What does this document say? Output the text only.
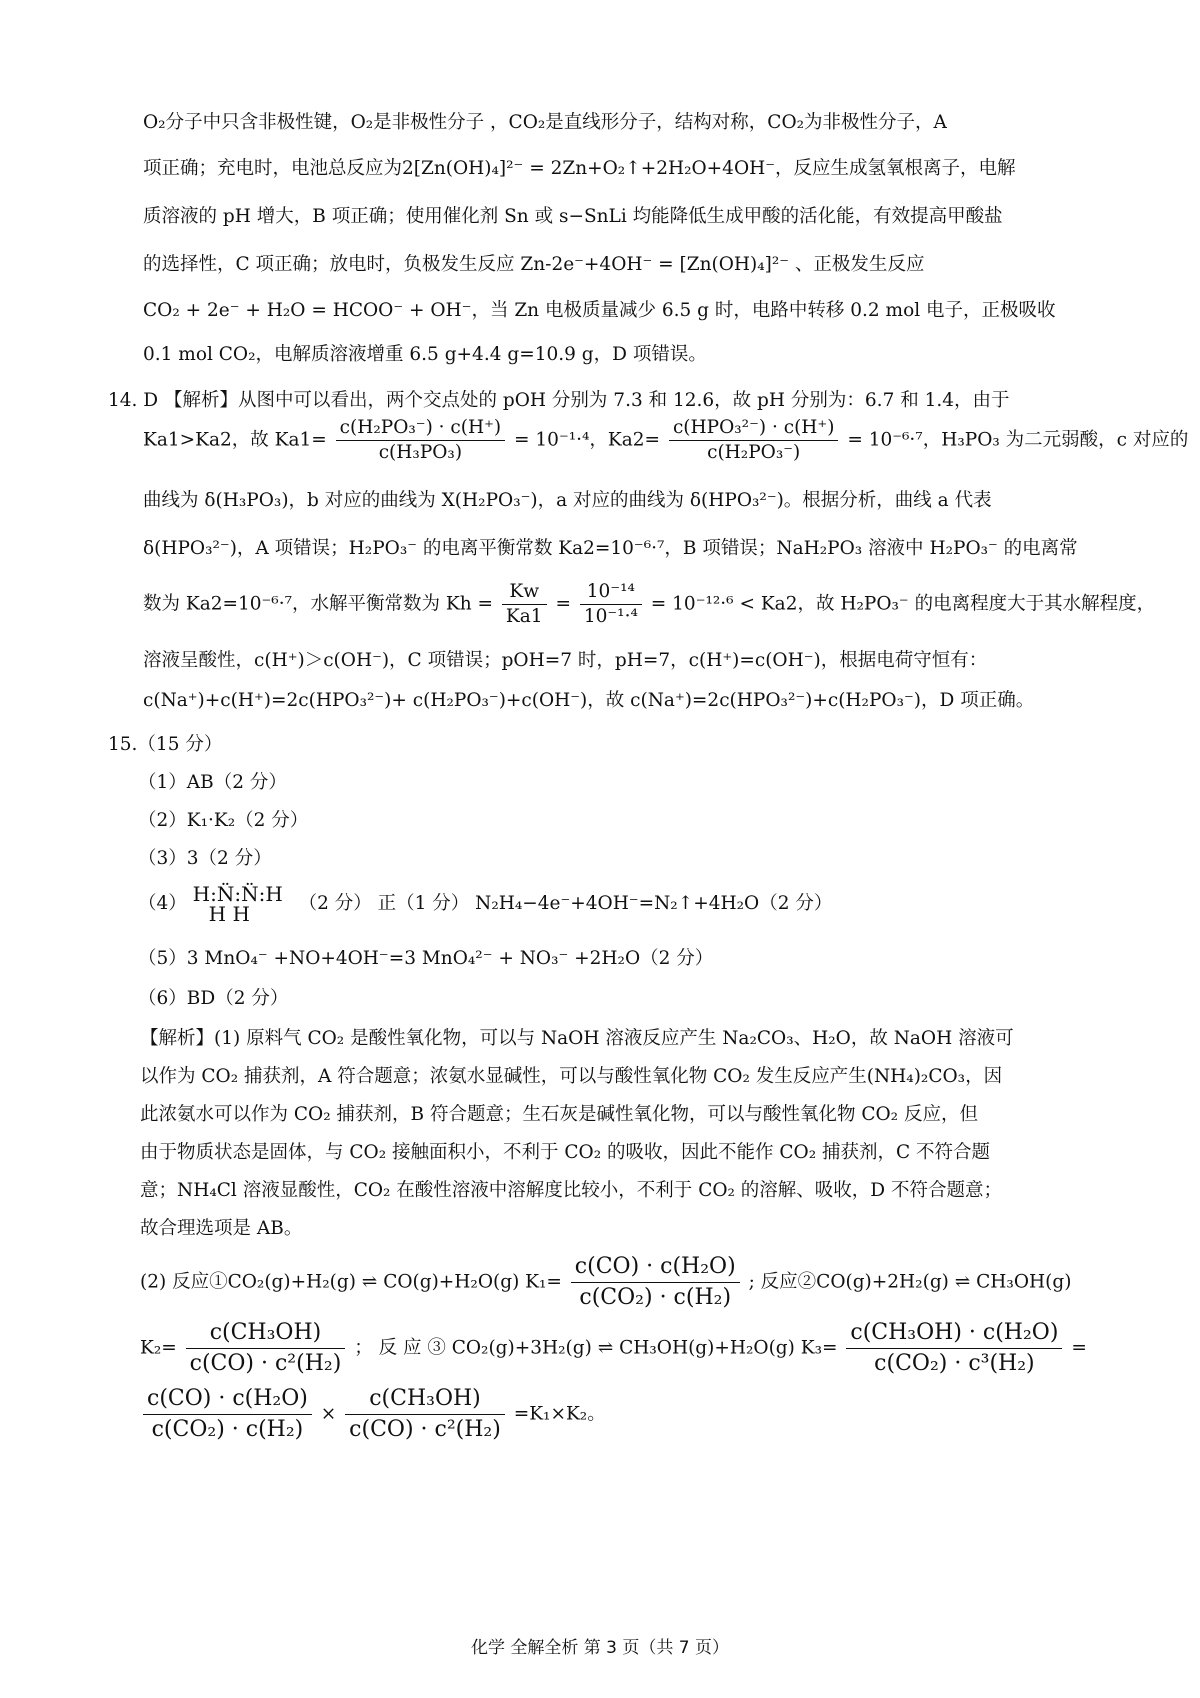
O₂分子中只含非极性键，O₂是非极性分子 ，CO₂是直线形分子，结构对称，CO₂为非极性分子，A
项正确；充电时，电池总反应为2[Zn(OH)₄]²⁻ = 2Zn+O₂↑+2H₂O+4OH⁻，反应生成氢氧根离子，电解
质溶液的 pH 增大，B 项正确；使用催化剂 Sn 或 s−SnLi 均能降低生成甲酸的活化能，有效提高甲酸盐
的选择性，C 项正确；放电时，负极发生反应 Zn-2e⁻+4OH⁻ = [Zn(OH)₄]²⁻ 、正极发生反应
CO₂ + 2e⁻ + H₂O = HCOO⁻ + OH⁻，当 Zn 电极质量减少 6.5 g 时，电路中转移 0.2 mol 电子，正极吸收
0.1 mol CO₂，电解质溶液增重 6.5 g+4.4 g=10.9 g，D 项错误。
14. D 【解析】从图中可以看出，两个交点处的 pOH 分别为 7.3 和 12.6，故 pH 分别为：6.7 和 1.4，由于
Ka1>Ka2，故 $Ka1= \frac{\text{c(H₂PO₃⁻) · c(H⁺)}}{\text{c(H₃PO₃)}} = 10^{-1}\cdot^4$，$Ka2= \frac{\text{c(HPO₃²⁻) · c(H⁺)}}{\text{c(H₂PO₃⁻)}} = 10^{-6}\cdot^7$，H₃PO₃ 为二元弱酸，c 对应的
曲线为 δ(H₃PO₃)，b 对应的曲线为 X(H₂PO₃⁻)，a 对应的曲线为 δ(HPO₃²⁻)。根据分析，曲线 a 代表
δ(HPO₃²⁻)，A 项错误；H₂PO₃⁻ 的电离平衡常数 Ka2=10⁻⁶·⁷，B 项错误；NaH₂PO₃ 溶液中 H₂PO₃⁻ 的电离常
数为 Ka2=10⁻⁶·⁷，水解平衡常数为 $Kh = \frac{Kw}{Ka1} = \frac{\text{10⁻¹⁴}}{\text{10⁻¹·⁴}} = 10^{-12}\cdot^6 < Ka2$，故 H₂PO₃⁻ 的电离程度大于其水解程度，
溶液呈酸性，c(H⁺)＞c(OH⁻)，C 项错误；pOH=7 时，pH=7，c(H⁺)=c(OH⁻)，根据电荷守恒有：
c(Na⁺)+c(H⁺)=2c(HPO₃²⁻)+ c(H₂PO₃⁻)+c(OH⁻)，故 c(Na⁺)=2c(HPO₃²⁻)+c(H₂PO₃⁻)，D 项正确。
15.（15 分）
（1）AB（2 分）
（2）K₁·K₂（2 分）
（3）3（2 分）
（4） H:N̈:N̈:H
H H	（2 分） 正（1 分） N₂H₄−4e⁻+4OH⁻=N₂↑+4H₂O（2 分）
（5）3 MnO₄⁻ +NO+4OH⁻=3 MnO₄²⁻ + NO₃⁻ +2H₂O（2 分）
（6）BD（2 分）
【解析】(1) 原料气 CO₂ 是酸性氧化物，可以与 NaOH 溶液反应产生 Na₂CO₃、H₂O，故 NaOH 溶液可
以作为 CO₂ 捕获剂，A 符合题意；浓氨水显碱性，可以与酸性氧化物 CO₂ 发生反应产生(NH₄)₂CO₃，因
此浓氨水可以作为 CO₂ 捕获剂，B 符合题意；生石灰是碱性氧化物，可以与酸性氧化物 CO₂ 反应，但
由于物质状态是固体，与 CO₂ 接触面积小，不利于 CO₂ 的吸收，因此不能作 CO₂ 捕获剂，C 不符合题
意；NH₄Cl 溶液显酸性，CO₂ 在酸性溶液中溶解度比较小，不利于 CO₂ 的溶解、吸收，D 不符合题意；
故合理选项是 AB。
(2) 反应①CO₂(g)+H₂(g) ⇌ CO(g)+H₂O(g) $K_1= \frac{\text{c(CO) · c(H₂O)}}{\text{c(CO₂) · c(H₂)}}$ ; 反应②CO(g)+2H₂(g) ⇌ CH₃OH(g)
$K_2= \frac{\text{c(CH₃OH)}}{\text{c(CO) · c²(H₂)}}$ ； 反 应 ③ CO₂(g)+3H₂(g) ⇌ CH₃OH(g)+H₂O(g) $K_3= \frac{\text{c(CH₃OH) · c(H₂O)}}{\text{c(CO₂) · c³(H₂)}}$ =
$\frac{\text{c(CO) · c(H₂O)}}{\text{c(CO₂) · c(H₂)}} \times \frac{\text{c(CH₃OH)}}{\text{c(CO) · c²(H₂)}} =K_1\times K_2$。
化学 全解全析 第 3 页（共 7 页）
